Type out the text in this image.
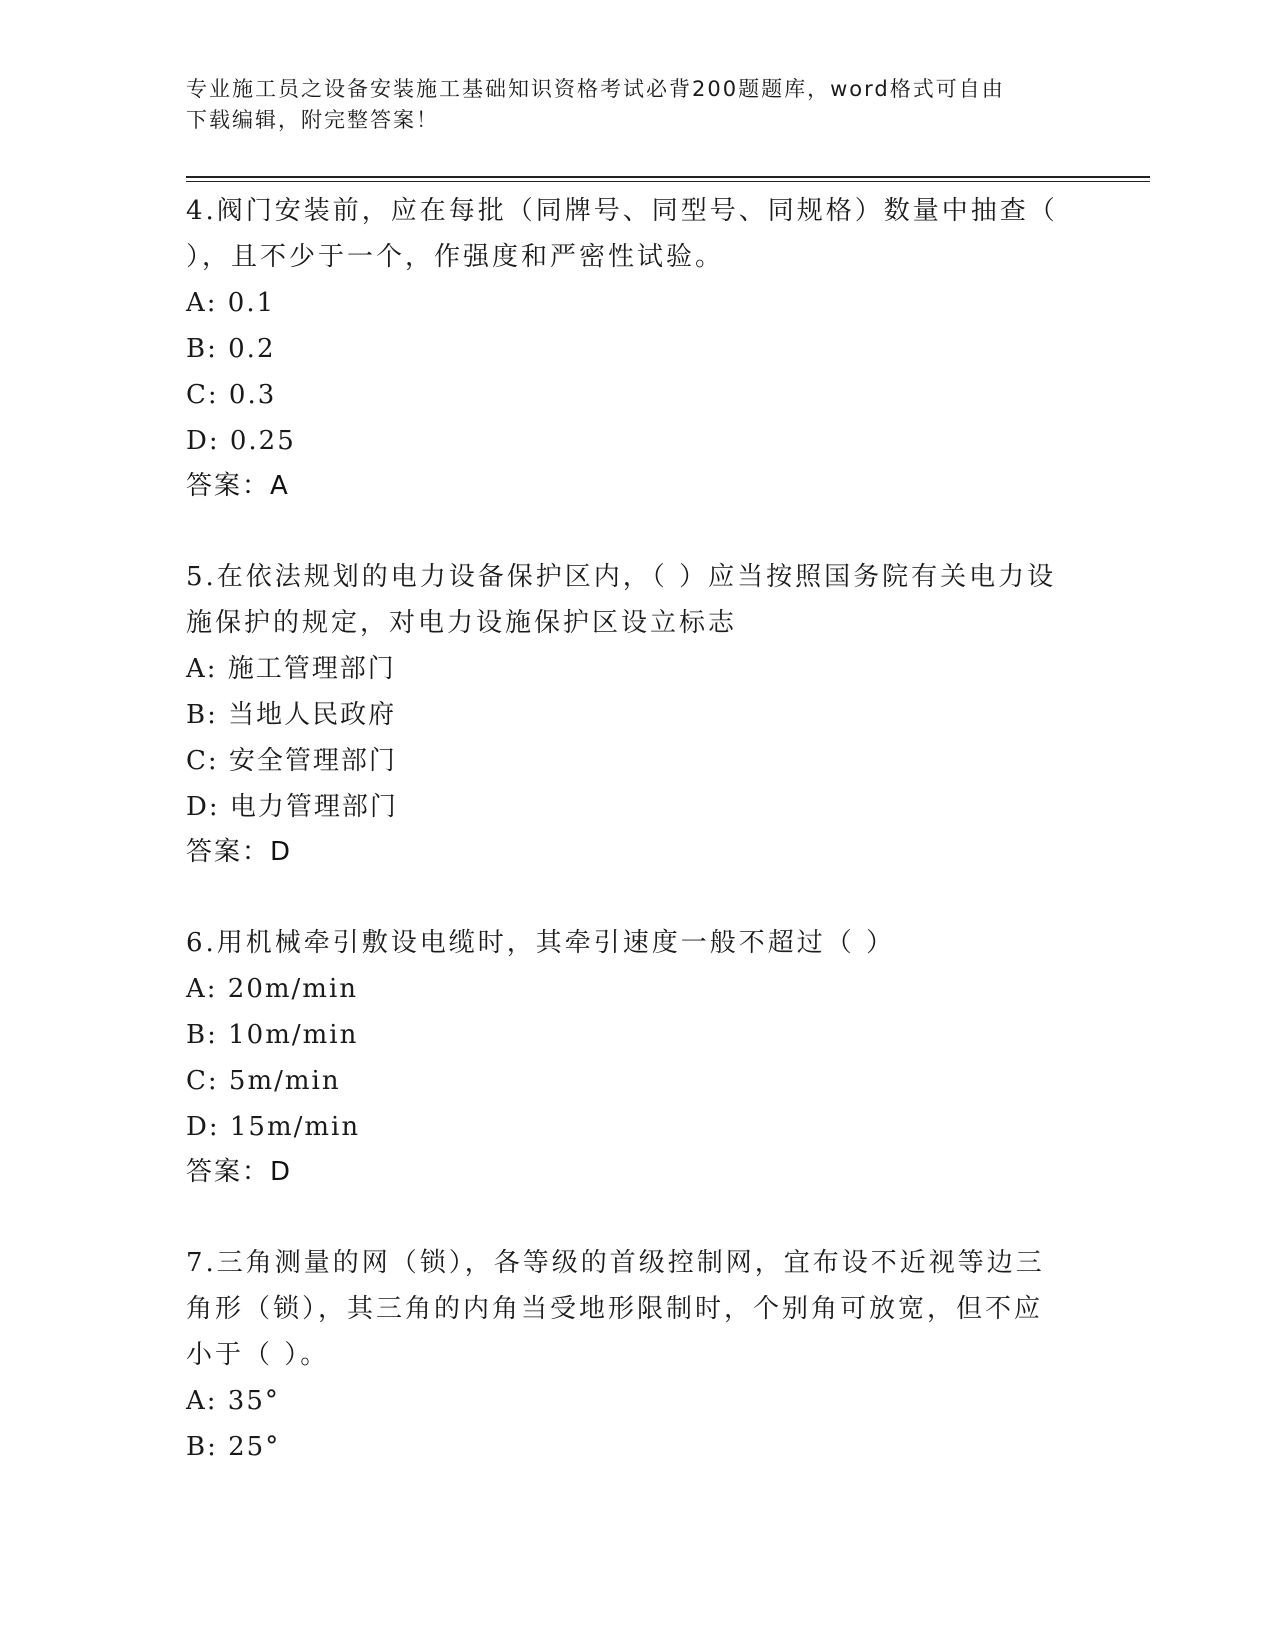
专业施工员之设备安装施工基础知识资格考试必背200题题库，word格式可自由
下载编辑，附完整答案！
4.阀门安装前，应在每批（同牌号、同型号、同规格）数量中抽查（
），且不少于一个，作强度和严密性试验。
A: 0.1
B: 0.2
C: 0.3
D: 0.25
答案：A
5.在依法规划的电力设备保护区内，（ ）应当按照国务院有关电力设
施保护的规定，对电力设施保护区设立标志
A: 施工管理部门
B: 当地人民政府
C: 安全管理部门
D: 电力管理部门
答案：D
6.用机械牵引敷设电缆时，其牵引速度一般不超过（ ）
A: 20m/min
B: 10m/min
C: 5m/min
D: 15m/min
答案：D
7.三角测量的网（锁），各等级的首级控制网，宜布设不近视等边三
角形（锁），其三角的内角当受地形限制时，个别角可放宽，但不应
小于（ ）。
A: 35°
B: 25°
